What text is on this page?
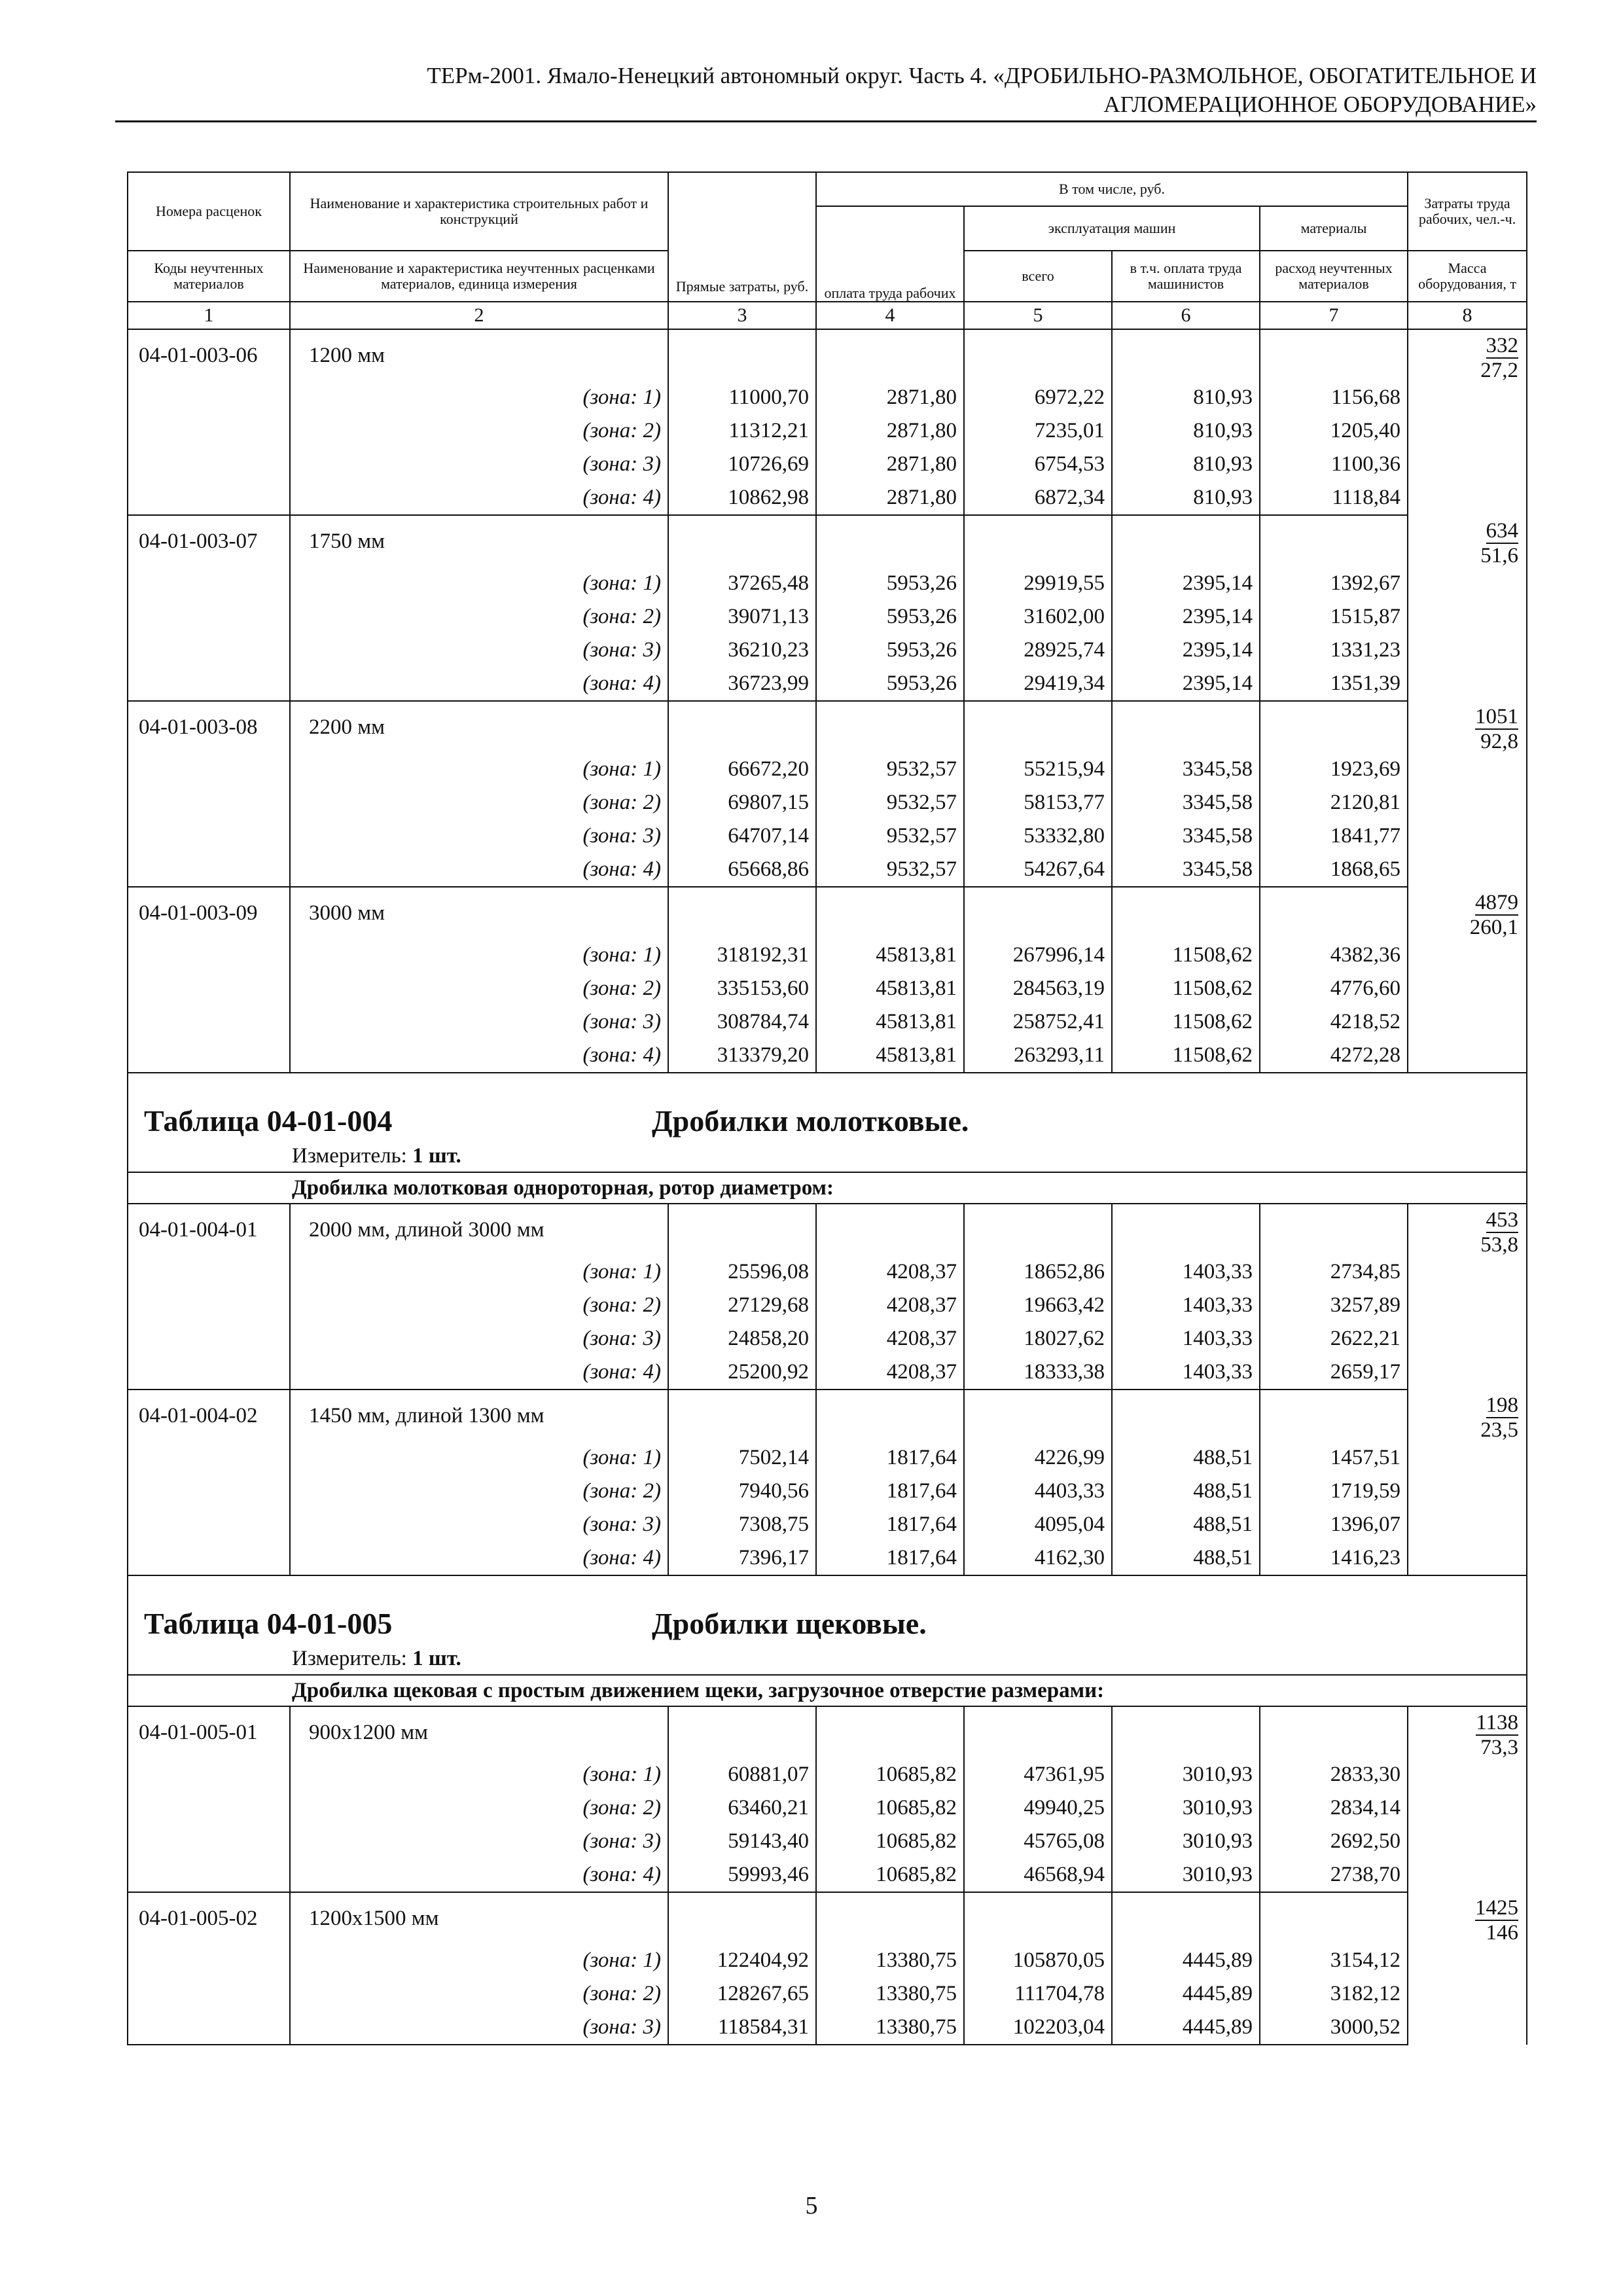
ТЕРм-2001. Ямало-Ненецкий автономный округ. Часть 4. «ДРОБИЛЬНО-РАЗМОЛЬНОЕ, ОБОГАТИТЕЛЬНОЕ И
АГЛОМЕРАЦИОННОЕ ОБОРУДОВАНИЕ»
Номера расценок	Наименование и характеристика строительных работ и конструкций	Прямые затраты, руб.	В том числе, руб.				Затраты труда рабочих, чел.-ч.
			оплата труда рабочих	эксплуатация машин		материалы	
Коды неучтенных материалов	Наименование и характеристика неучтенных расценками материалов, единица измерения			всего	в т.ч. оплата труда машинистов	расход неучтенных материалов	Масса оборудования, т
1	2	3	4	5	6	7	8
04-01-003-06	1200 мм						332
27,2

	(зона: 1)	11000,70	2871,80	6972,22	810,93	1156,68	
	(зона: 2)	11312,21	2871,80	7235,01	810,93	1205,40	
	(зона: 3)	10726,69	2871,80	6754,53	810,93	1100,36	
	(зона: 4)	10862,98	2871,80	6872,34	810,93	1118,84	
04-01-003-07	1750 мм						634
51,6

	(зона: 1)	37265,48	5953,26	29919,55	2395,14	1392,67	
	(зона: 2)	39071,13	5953,26	31602,00	2395,14	1515,87	
	(зона: 3)	36210,23	5953,26	28925,74	2395,14	1331,23	
	(зона: 4)	36723,99	5953,26	29419,34	2395,14	1351,39	
04-01-003-08	2200 мм						1051
92,8

	(зона: 1)	66672,20	9532,57	55215,94	3345,58	1923,69	
	(зона: 2)	69807,15	9532,57	58153,77	3345,58	2120,81	
	(зона: 3)	64707,14	9532,57	53332,80	3345,58	1841,77	
	(зона: 4)	65668,86	9532,57	54267,64	3345,58	1868,65	
04-01-003-09	3000 мм						4879
260,1

	(зона: 1)	318192,31	45813,81	267996,14	11508,62	4382,36	
	(зона: 2)	335153,60	45813,81	284563,19	11508,62	4776,60	
	(зона: 3)	308784,74	45813,81	258752,41	11508,62	4218,52	
	(зона: 4)	313379,20	45813,81	263293,11	11508,62	4272,28	

Таблица 04-01-004 Дробилки молотковые.
Измеритель: 1 шт.							

Дробилка молотковая однороторная, ротор диаметром:							
04-01-004-01	2000 мм, длиной 3000 мм						453
53,8

	(зона: 1)	25596,08	4208,37	18652,86	1403,33	2734,85	
	(зона: 2)	27129,68	4208,37	19663,42	1403,33	3257,89	
	(зона: 3)	24858,20	4208,37	18027,62	1403,33	2622,21	
	(зона: 4)	25200,92	4208,37	18333,38	1403,33	2659,17	
04-01-004-02	1450 мм, длиной 1300 мм						198
23,5

	(зона: 1)	7502,14	1817,64	4226,99	488,51	1457,51	
	(зона: 2)	7940,56	1817,64	4403,33	488,51	1719,59	
	(зона: 3)	7308,75	1817,64	4095,04	488,51	1396,07	
	(зона: 4)	7396,17	1817,64	4162,30	488,51	1416,23	

Таблица 04-01-005 Дробилки щековые.
Измеритель: 1 шт.							

Дробилка щековая с простым движением щеки, загрузочное отверстие размерами:							
04-01-005-01	900х1200 мм						1138
73,3

	(зона: 1)	60881,07	10685,82	47361,95	3010,93	2833,30	
	(зона: 2)	63460,21	10685,82	49940,25	3010,93	2834,14	
	(зона: 3)	59143,40	10685,82	45765,08	3010,93	2692,50	
	(зона: 4)	59993,46	10685,82	46568,94	3010,93	2738,70	
04-01-005-02	1200х1500 мм						1425
146

	(зона: 1)	122404,92	13380,75	105870,05	4445,89	3154,12	
	(зона: 2)	128267,65	13380,75	111704,78	4445,89	3182,12	
	(зона: 3)	118584,31	13380,75	102203,04	4445,89	3000,52	
5
